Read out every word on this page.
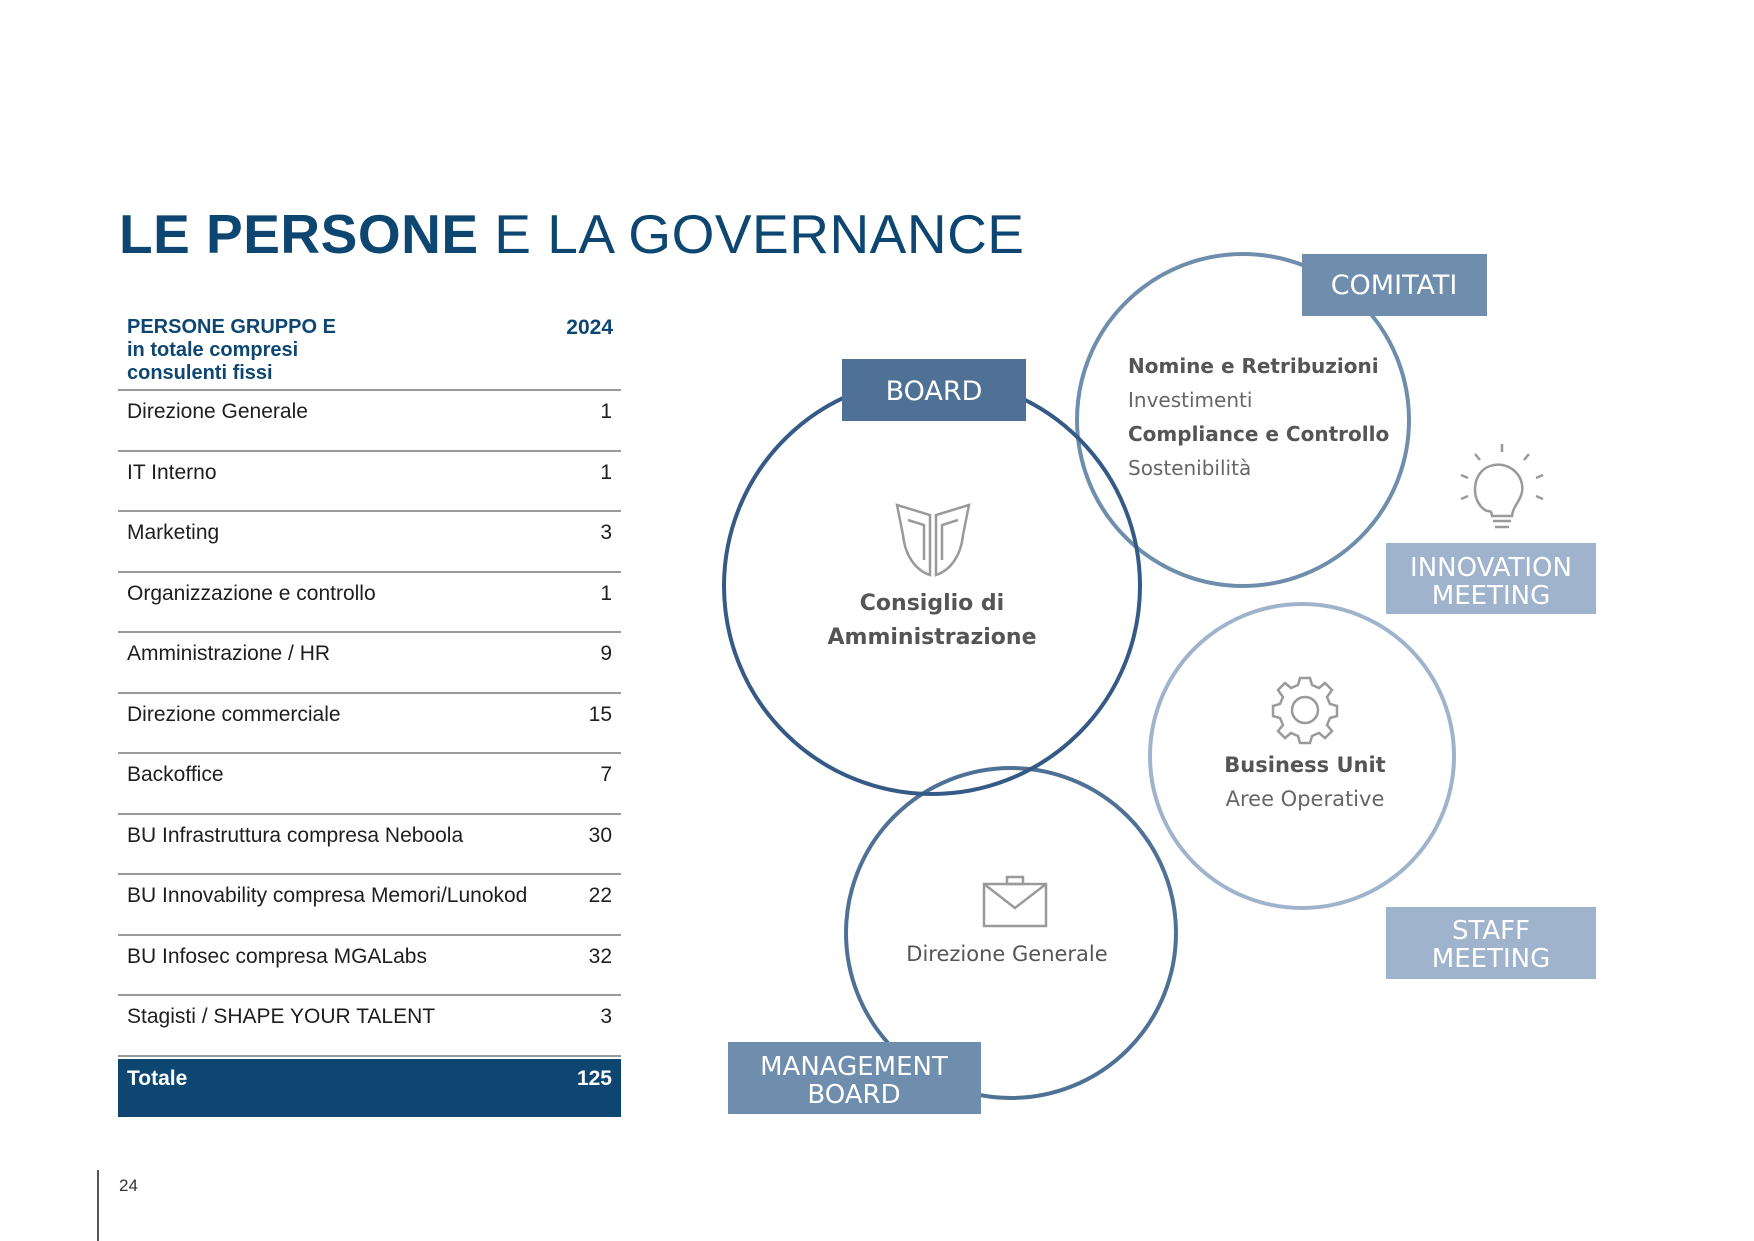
LE PERSONE E LA GOVERNANCE
PERSONE GRUPPO E
in totale compresi
consulenti fissi
2024
Direzione Generale	1
IT Interno	1
Marketing	3
Organizzazione e controllo	1
Amministrazione / HR	9
Direzione commerciale	15
Backoffice	7
BU Infrastruttura compresa Neboola	30
BU Innovability compresa Memori/Lunokod	22
BU Infosec compresa MGALabs	32
Stagisti / SHAPE YOUR TALENT	3
Totale	125
BOARD
Consiglio di
Amministrazione
COMITATI
Nomine e Retribuzioni
Investimenti
Compliance e Controllo
Sostenibilità
INNOVATION
MEETING
Business Unit
Aree Operative
STAFF
MEETING
Direzione Generale
MANAGEMENT
BOARD
24
